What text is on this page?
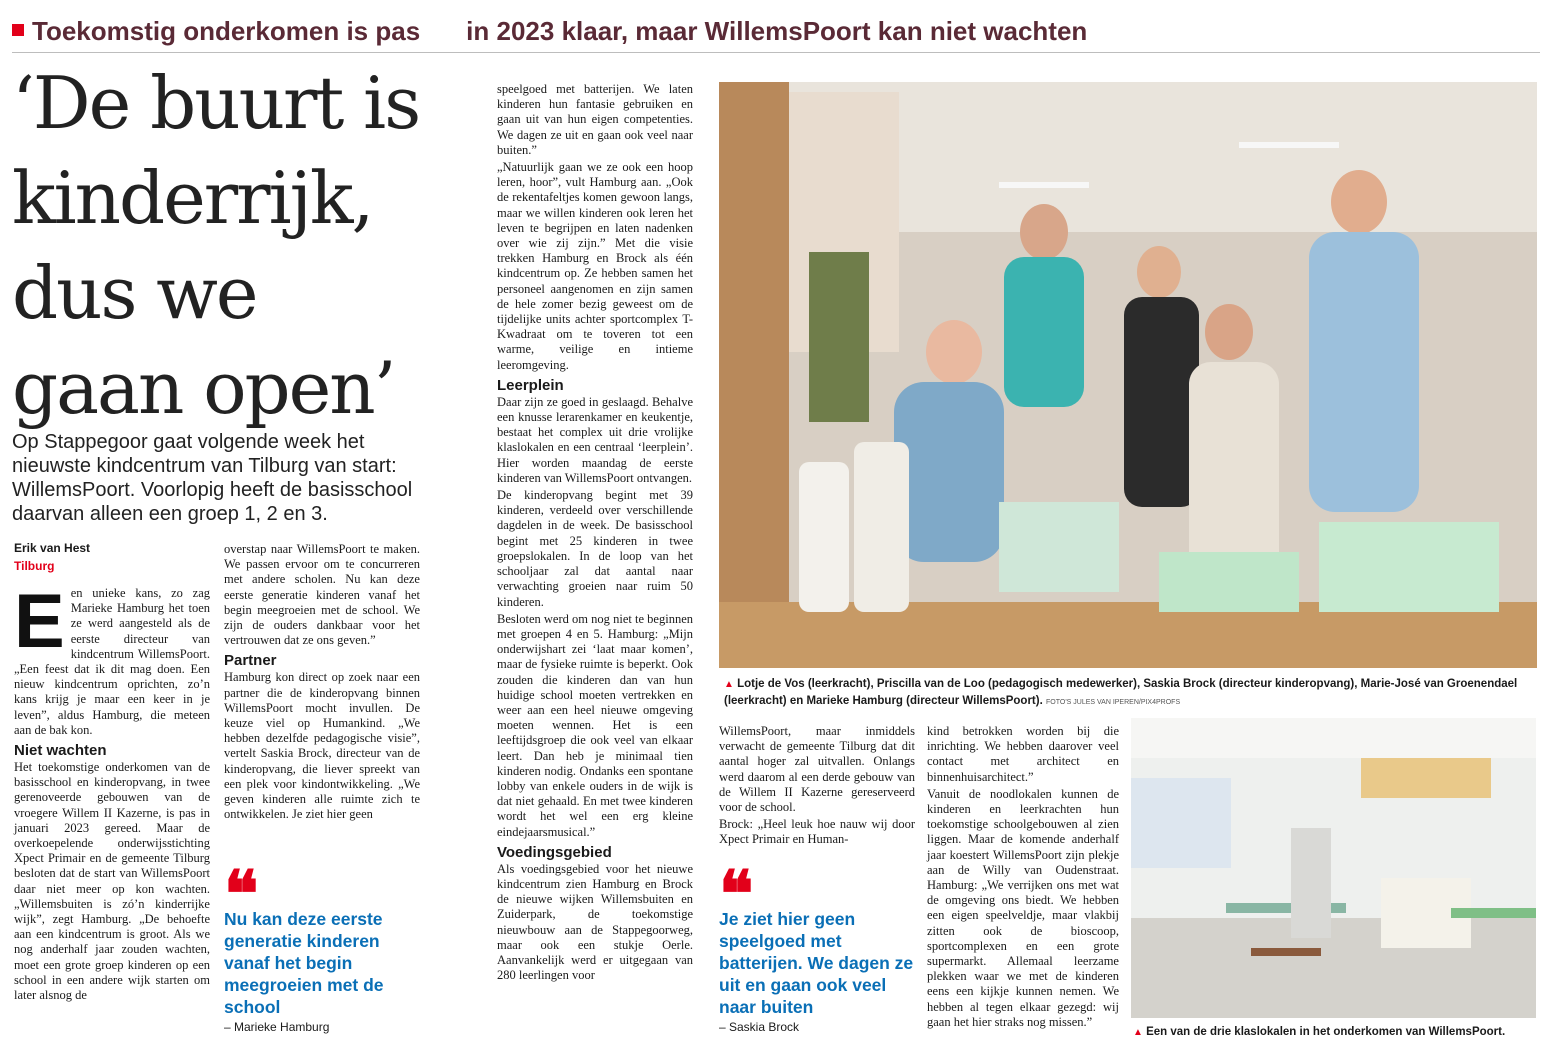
Toekomstig onderkomen is pas in 2023 klaar, maar WillemsPoort kan niet wachten
‘De buurt is kinderrijk, dus we gaan open’
Op Stappegoor gaat volgende week het nieuwste kindcentrum van Tilburg van start: WillemsPoort. Voorlopig heeft de basisschool daarvan alleen een groep 1, 2 en 3.
Erik van Hest
Tilburg
E en unieke kans, zo zag Marieke Hamburg het toen ze werd aangesteld als de eerste directeur van kindcentrum WillemsPoort. „Een feest dat ik dit mag doen. Een nieuw kindcentrum oprichten, zo’n kans krijg je maar een keer in je leven”, aldus Hamburg, die meteen aan de bak kon.

Niet wachten

Het toekomstige onderkomen van de basisschool en kinderopvang, in twee gerenoveerde gebouwen van de vroegere Willem II Kazerne, is pas in januari 2023 gereed. Maar de overkoepelende onderwijsstichting Xpect Primair en de gemeente Tilburg besloten dat de start van WillemsPoort daar niet meer op kon wachten. „Willemsbuiten is zó’n kinderrijke wijk”, zegt Hamburg. „De behoefte aan een kindcentrum is groot. Als we nog anderhalf jaar zouden wachten, moet een grote groep kinderen op een school in een andere wijk starten om later alsnog de

overstap naar WillemsPoort te maken. We passen ervoor om te concurreren met andere scholen. Nu kan deze eerste generatie kinderen vanaf het begin meegroeien met de school. We zijn de ouders dankbaar voor het vertrouwen dat ze ons geven.”

Partner

Hamburg kon direct op zoek naar een partner die de kinderopvang binnen WillemsPoort mocht invullen. De keuze viel op Humankind. „We hebben dezelfde pedagogische visie”, vertelt Saskia Brock, directeur van de kinderopvang, die liever spreekt van een plek voor kindontwikkeling. „We geven kinderen alle ruimte zich te ontwikkelen. Je ziet hier geen

❝
Nu kan deze eerste generatie kinderen vanaf het begin meegroeien met de school
– Marieke Hamburg

speelgoed met batterijen. We laten kinderen hun fantasie gebruiken en gaan uit van hun eigen competenties. We dagen ze uit en gaan ook veel naar buiten.”

„Natuurlijk gaan we ze ook een hoop leren, hoor”, vult Hamburg aan. „Ook de rekentafeltjes komen gewoon langs, maar we willen kinderen ook leren het leven te begrijpen en laten nadenken over wie zij zijn.” Met die visie trekken Hamburg en Brock als één kindcentrum op. Ze hebben samen het personeel aangenomen en zijn samen de hele zomer bezig geweest om de tijdelijke units achter sportcomplex T-Kwadraat om te toveren tot een warme, veilige en intieme leeromgeving.

Leerplein

Daar zijn ze goed in geslaagd. Behalve een knusse lerarenkamer en keukentje, bestaat het complex uit drie vrolijke klaslokalen en een centraal ‘leerplein’. Hier worden maandag de eerste kinderen van WillemsPoort ontvangen.

De kinderopvang begint met 39 kinderen, verdeeld over verschillende dagdelen in de week. De basisschool begint met 25 kinderen in twee groepslokalen. In de loop van het schooljaar zal dat aantal naar verwachting groeien naar ruim 50 kinderen.

Besloten werd om nog niet te beginnen met groepen 4 en 5. Hamburg: „Mijn onderwijshart zei ‘laat maar komen’, maar de fysieke ruimte is beperkt. Ook zouden die kinderen dan van hun huidige school moeten vertrekken en weer aan een heel nieuwe omgeving moeten wennen. Het is een leeftijdsgroep die ook veel van elkaar leert. Dan heb je minimaal tien kinderen nodig. Ondanks een spontane lobby van enkele ouders in de wijk is dat niet gehaald. En met twee kinderen wordt het wel een erg kleine eindejaarsmusical.”

Voedingsgebied

Als voedingsgebied voor het nieuwe kindcentrum zien Hamburg en Brock de nieuwe wijken Willemsbuiten en Zuiderpark, de toekomstige nieuwbouw aan de Stappegoorweg, maar ook een stukje Oerle. Aanvankelijk werd er uitgegaan van 280 leerlingen voor

▲ Lotje de Vos (leerkracht), Priscilla van de Loo (pedagogisch medewerker), Saskia Brock (directeur kinderopvang), Marie-José van Groenendael (leerkracht) en Marieke Hamburg (directeur WillemsPoort). FOTO'S JULES VAN IPEREN/PIX4PROFS

WillemsPoort, maar inmiddels verwacht de gemeente Tilburg dat dit aantal hoger zal uitvallen. Onlangs werd daarom al een derde gebouw van de Willem II Kazerne gereserveerd voor de school.

Brock: „Heel leuk hoe nauw wij door Xpect Primair en Human-

❝
Je ziet hier geen speelgoed met batterijen. We dagen ze uit en gaan ook veel naar buiten
– Saskia Brock

kind betrokken worden bij die inrichting. We hebben daarover veel contact met architect en binnenhuisarchitect.”

Vanuit de noodlokalen kunnen de kinderen en leerkrachten hun toekomstige schoolgebouwen al zien liggen. Maar de komende anderhalf jaar koestert WillemsPoort zijn plekje aan de Willy van Oudenstraat. Hamburg: „We verrijken ons met wat de omgeving ons biedt. We hebben een eigen speelveldje, maar vlakbij zitten ook de bioscoop, sportcomplexen en een grote supermarkt. Allemaal leerzame plekken waar we met de kinderen eens een kijkje kunnen nemen. We hebben al tegen elkaar gezegd: wij gaan het hier straks nog missen.”

▲ Een van de drie klaslokalen in het onderkomen van WillemsPoort.
